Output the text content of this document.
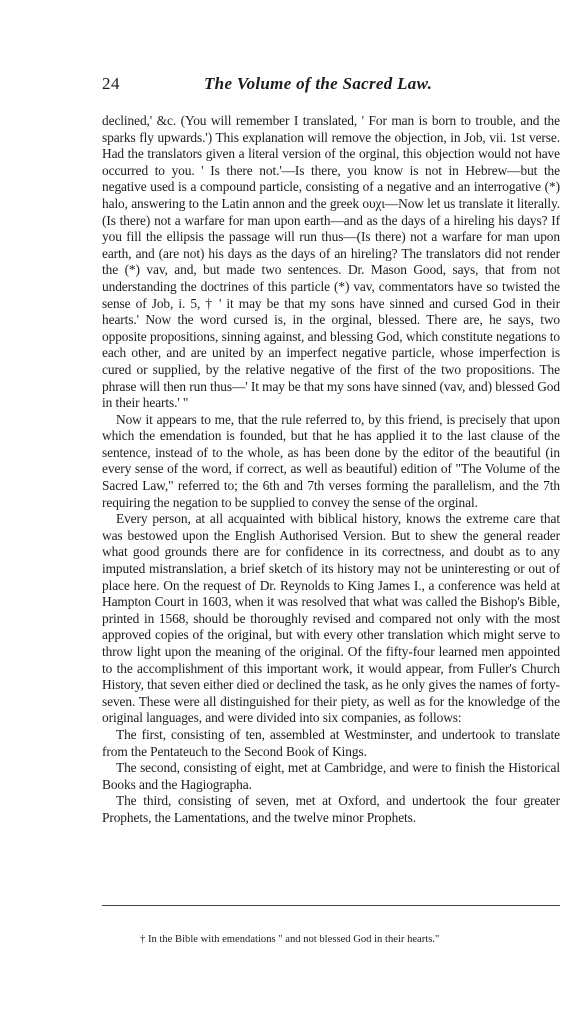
24	The Volume of the Sacred Law.

declined,' &c. (You will remember I translated, ' For man is born to trouble, and the sparks fly upwards.') This explanation will remove the objection, in Job, vii. 1st verse. Had the translators given a literal version of the orginal, this objection would not have occurred to you. ' Is there not.'—Is there, you know is not in Hebrew—but the negative used is a compound particle, consisting of a negative and an interrogative (*) halo, answering to the Latin annon and the greek ουχι—Now let us translate it literally. (Is there) not a warfare for man upon earth—and as the days of a hireling his days? If you fill the ellipsis the passage will run thus—(Is there) not a warfare for man upon earth, and (are not) his days as the days of an hireling? The translators did not render the (*) vav, and, but made two sentences. Dr. Mason Good, says, that from not understanding the doctrines of this particle (*) vav, commentators have so twisted the sense of Job, i. 5, † ' it may be that my sons have sinned and cursed God in their hearts.' Now the word cursed is, in the orginal, blessed. There are, he says, two opposite propositions, sinning against, and blessing God, which constitute negations to each other, and are united by an imperfect negative particle, whose imperfection is cured or supplied, by the relative negative of the first of the two propositions. The phrase will then run thus—' It may be that my sons have sinned (vav, and) blessed God in their hearts.' "

Now it appears to me, that the rule referred to, by this friend, is precisely that upon which the emendation is founded, but that he has applied it to the last clause of the sentence, instead of to the whole, as has been done by the editor of the beautiful (in every sense of the word, if correct, as well as beautiful) edition of "The Volume of the Sacred Law," referred to; the 6th and 7th verses forming the parallelism, and the 7th requiring the negation to be supplied to convey the sense of the orginal.

Every person, at all acquainted with biblical history, knows the extreme care that was bestowed upon the English Authorised Version. But to shew the general reader what good grounds there are for confidence in its correctness, and doubt as to any imputed mistranslation, a brief sketch of its history may not be uninteresting or out of place here. On the request of Dr. Reynolds to King James I., a conference was held at Hampton Court in 1603, when it was resolved that what was called the Bishop's Bible, printed in 1568, should be thoroughly revised and compared not only with the most approved copies of the original, but with every other translation which might serve to throw light upon the meaning of the original. Of the fifty-four learned men appointed to the accomplishment of this important work, it would appear, from Fuller's Church History, that seven either died or declined the task, as he only gives the names of forty-seven. These were all distinguished for their piety, as well as for the knowledge of the original languages, and were divided into six companies, as follows:

The first, consisting of ten, assembled at Westminster, and undertook to translate from the Pentateuch to the Second Book of Kings.

The second, consisting of eight, met at Cambridge, and were to finish the Historical Books and the Hagiographa.

The third, consisting of seven, met at Oxford, and undertook the four greater Prophets, the Lamentations, and the twelve minor Prophets.

† In the Bible with emendations " and not blessed God in their hearts."
